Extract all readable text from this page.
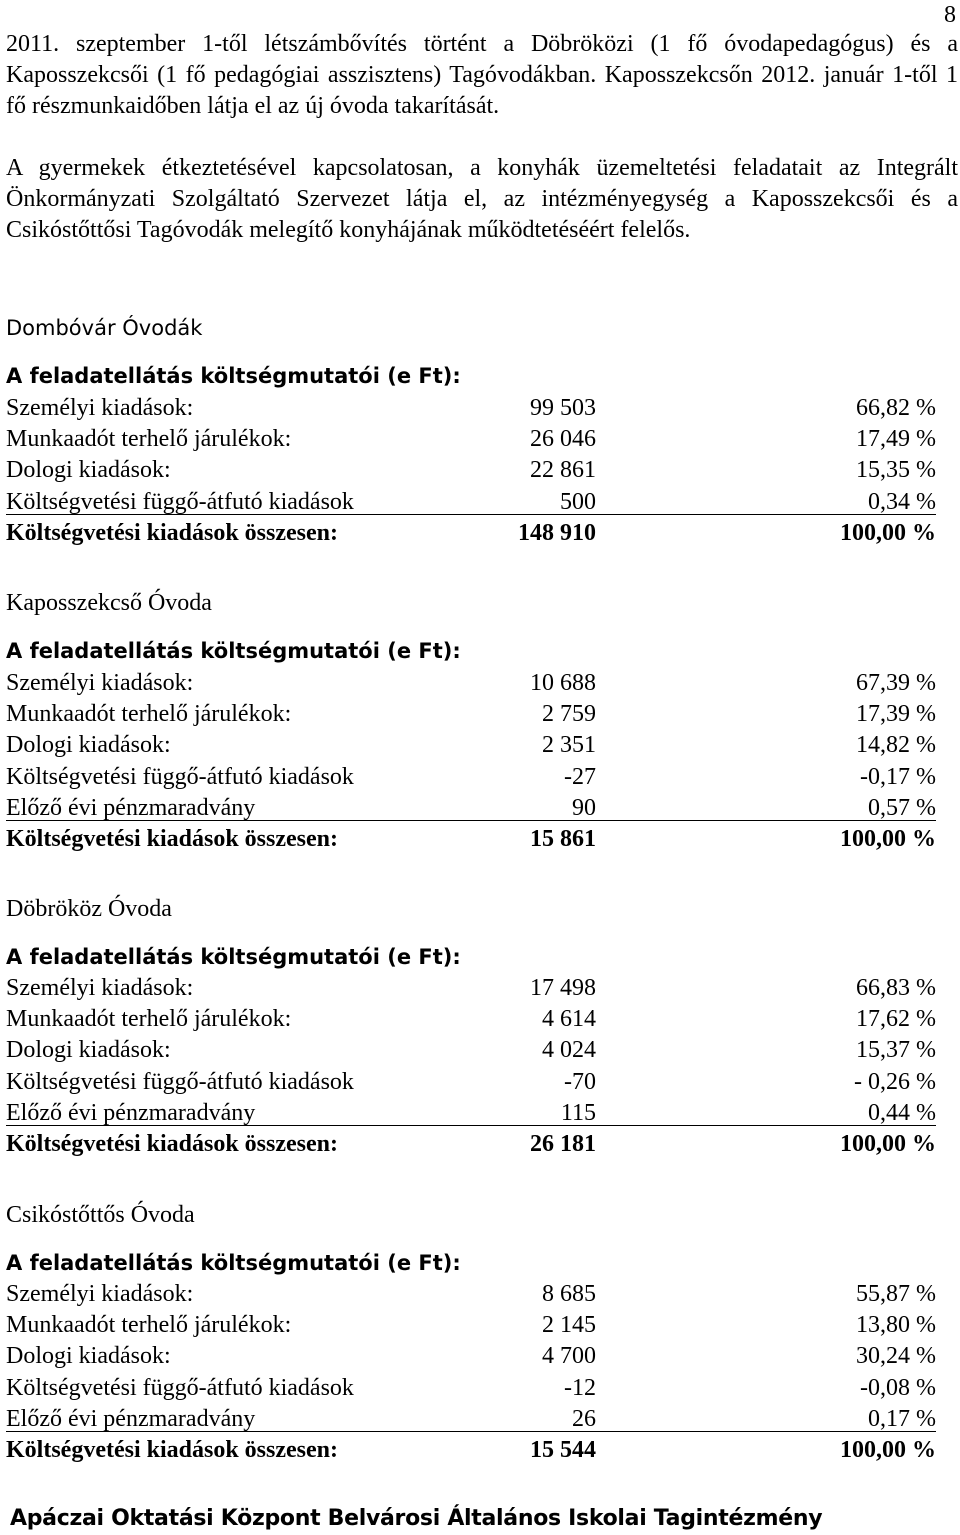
8

2011. szeptember 1-től létszámbővítés történt a Döbröközi (1 fő óvodapedagógus) és a Kaposszekcsői (1 fő pedagógiai asszisztens) Tagóvodákban. Kaposszekcsőn 2012. január 1-től 1 fő részmunkaidőben látja el az új óvoda takarítását.

A gyermekek étkeztetésével kapcsolatosan, a konyhák üzemeltetési feladatait az Integrált Önkormányzati Szolgáltató Szervezet látja el, az intézményegység a Kaposszekcsői és a Csikóstőttősi Tagóvodák melegítő konyhájának működtetéséért felelős.

Dombóvár Óvodák
A feladatellátás költségmutatói (e Ft):
Személyi kiadások:	99 503	66,82 %
Munkaadót terhelő járulékok:	26 046	17,49 %
Dologi kiadások:	22 861	15,35 %
Költségvetési függő-átfutó kiadások	500	0,34 %
Költségvetési kiadások összesen:	148 910	100,00 %
Kaposszekcső Óvoda
A feladatellátás költségmutatói (e Ft):
Személyi kiadások:	10 688	67,39 %
Munkaadót terhelő járulékok:	2 759	17,39 %
Dologi kiadások:	2 351	14,82 %
Költségvetési függő-átfutó kiadások	-27	-0,17 %
Előző évi pénzmaradvány	90	0,57 %
Költségvetési kiadások összesen:	15 861	100,00 %
Döbrököz Óvoda
A feladatellátás költségmutatói (e Ft):
Személyi kiadások:	17 498	66,83 %
Munkaadót terhelő járulékok:	4 614	17,62 %
Dologi kiadások:	4 024	15,37 %
Költségvetési függő-átfutó kiadások	-70	- 0,26 %
Előző évi pénzmaradvány	115	0,44 %
Költségvetési kiadások összesen:	26 181	100,00 %
Csikóstőttős Óvoda
A feladatellátás költségmutatói (e Ft):
Személyi kiadások:	8 685	55,87 %
Munkaadót terhelő járulékok:	2 145	13,80 %
Dologi kiadások:	4 700	30,24 %
Költségvetési függő-átfutó kiadások	-12	-0,08 %
Előző évi pénzmaradvány	26	0,17 %
Költségvetési kiadások összesen:	15 544	100,00 %
Apáczai Oktatási Központ Belvárosi Általános Iskolai Tagintézmény
